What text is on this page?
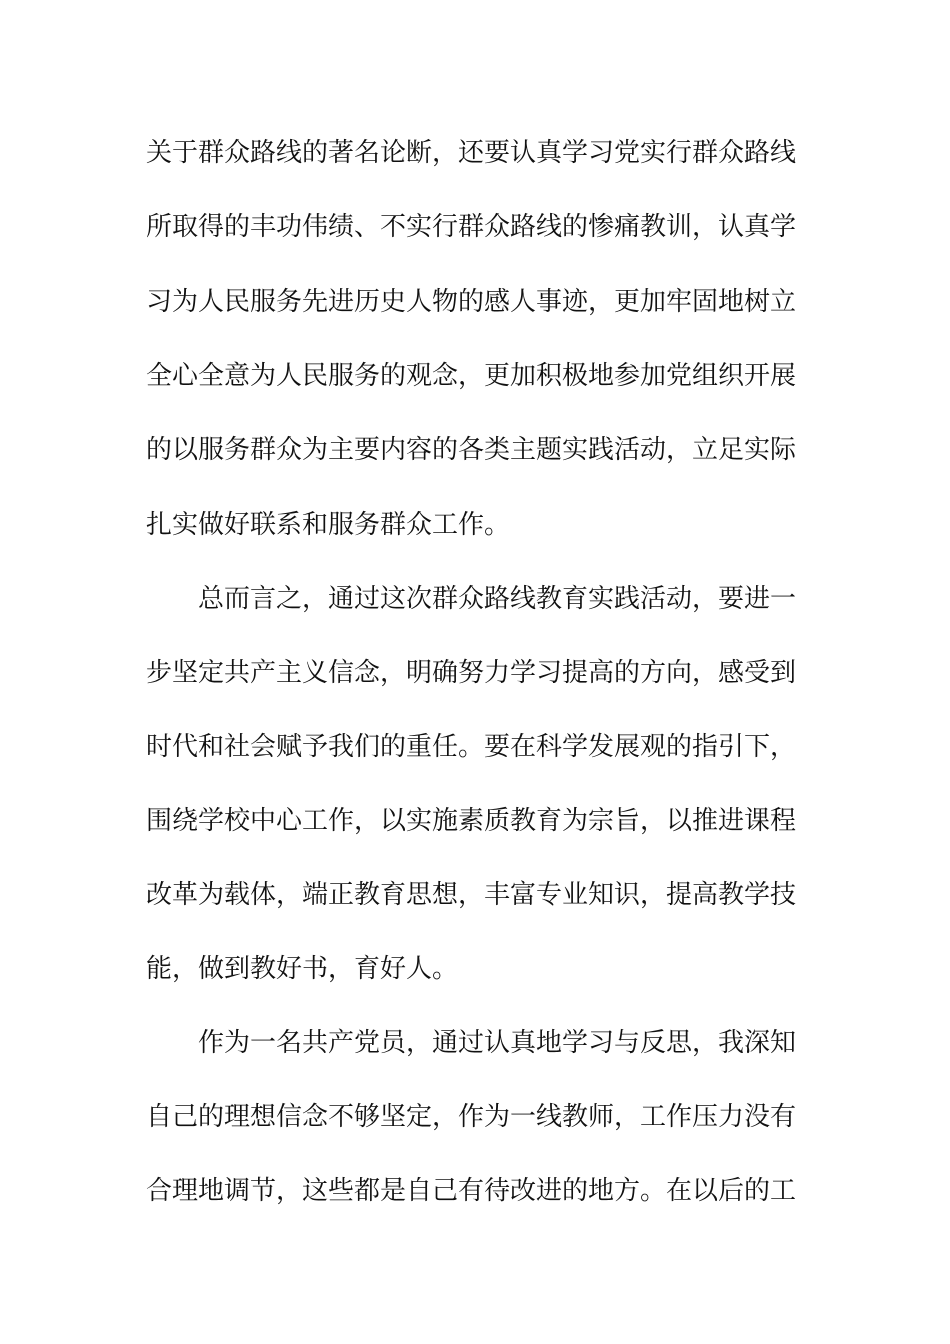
关于群众路线的著名论断，还要认真学习党实行群众路线

所取得的丰功伟绩、不实行群众路线的惨痛教训，认真学

习为人民服务先进历史人物的感人事迹，更加牢固地树立

全心全意为人民服务的观念，更加积极地参加党组织开展

的以服务群众为主要内容的各类主题实践活动，立足实际

扎实做好联系和服务群众工作。

总而言之，通过这次群众路线教育实践活动，要进一

步坚定共产主义信念，明确努力学习提高的方向，感受到

时代和社会赋予我们的重任。要在科学发展观的指引下，

围绕学校中心工作，以实施素质教育为宗旨，以推进课程

改革为载体，端正教育思想，丰富专业知识，提高教学技

能，做到教好书，育好人。

作为一名共产党员，通过认真地学习与反思，我深知

自己的理想信念不够坚定，作为一线教师，工作压力没有

合理地调节，这些都是自己有待改进的地方。在以后的工
